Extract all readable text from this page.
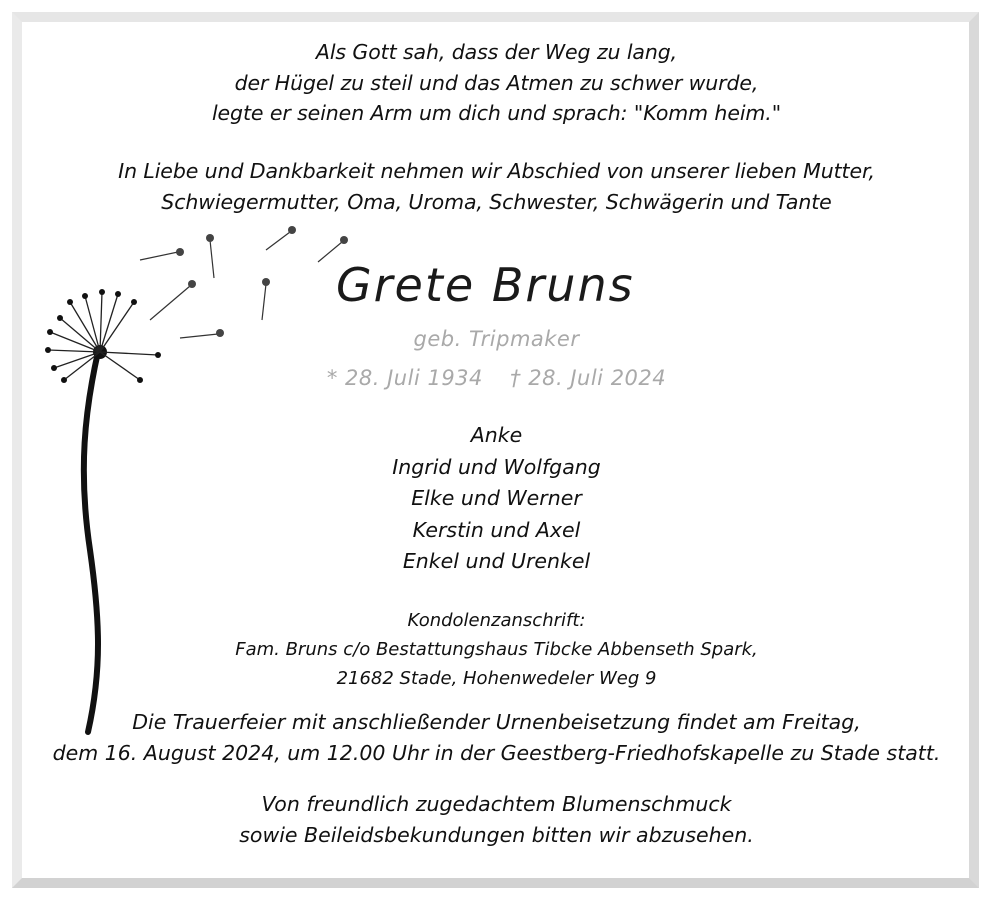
Als Gott sah, dass der Weg zu lang,
der Hügel zu steil und das Atmen zu schwer wurde,
legte er seinen Arm um dich und sprach: "Komm heim."
In Liebe und Dankbarkeit nehmen wir Abschied von unserer lieben Mutter,
Schwiegermutter, Oma, Uroma, Schwester, Schwägerin und Tante
Grete Bruns
geb. Tripmaker
* 28. Juli 1934 † 28. Juli 2024
Anke
Ingrid und Wolfgang
Elke und Werner
Kerstin und Axel
Enkel und Urenkel
Kondolenzanschrift:
Fam. Bruns c/o Bestattungshaus Tibcke Abbenseth Spark,
21682 Stade, Hohenwedeler Weg 9
Die Trauerfeier mit anschließender Urnenbeisetzung findet am Freitag,
dem 16. August 2024, um 12.00 Uhr in der Geestberg-Friedhofskapelle zu Stade statt.
Von freundlich zugedachtem Blumenschmuck
sowie Beileidsbekundungen bitten wir abzusehen.
